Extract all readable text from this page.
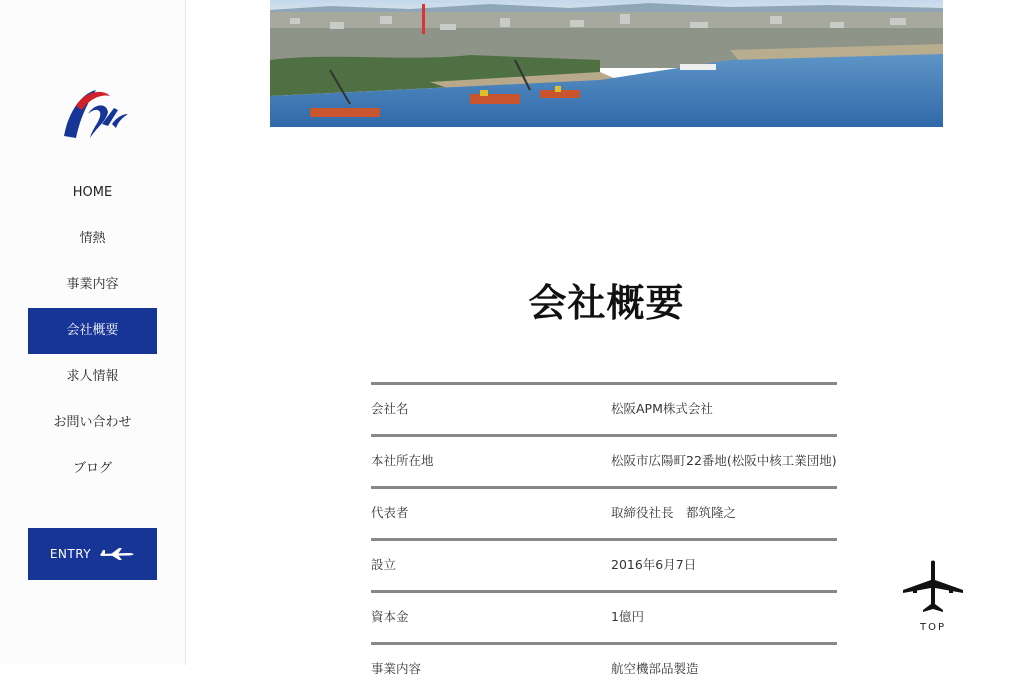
HOME
情熱
事業内容
会社概要
求人情報
お問い合わせ
ブログ
ENTRY
会社概要
会社名	松阪APM株式会社
本社所在地	松阪市広陽町22番地(松阪中核工業団地)
代表者	取締役社長　都筑隆之
設立	2016年6月7日
資本金	1億円
事業内容	航空機部品製造
TOP
